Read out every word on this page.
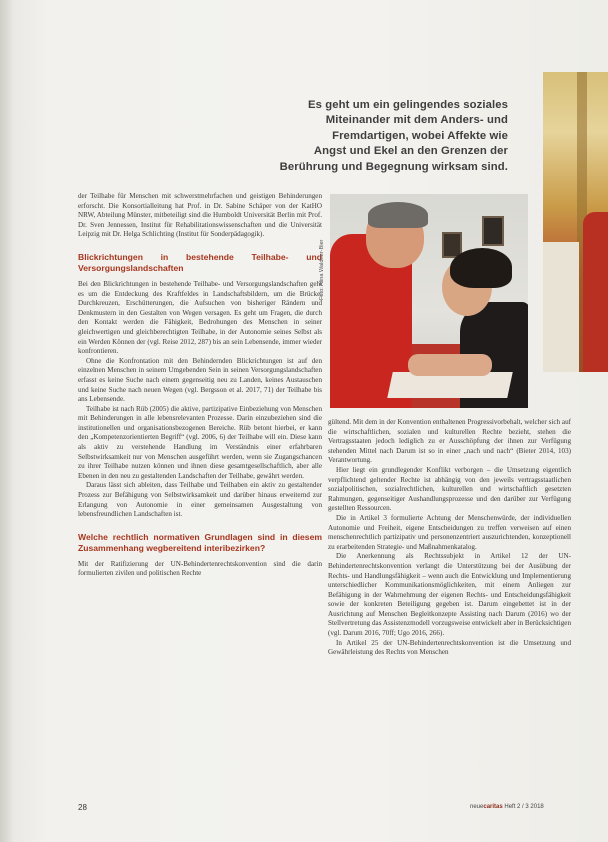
Es geht um ein gelingendes soziales
Miteinander mit dem Anders- und
Fremdartigen, wobei Affekte wie
Angst und Ekel an den Grenzen der
Berührung und Begegnung wirksam sind.

der Teilhabe für Menschen mit schwerstmehrfachen und geistigen Behinderungen erforscht. Die Konsortialleitung hat Prof. in Dr. Sabine Schäper von der KatHO NRW, Abteilung Münster, mitbeteiligt sind die Humboldt Universität Berlin mit Prof. Dr. Sven Jennessen, Institut für Rehabilitationswissenschaften und die Universität Leipzig mit Dr. Helga Schlichting (Institut für Sonderpädagogik).

Blickrichtungen in bestehende Teilhabe- und Versorgungslandschaften

Bei den Blickrichtungen in bestehende Teilhabe- und Versorgungslandschaften geht es um die Entdeckung des Kraftfeldes in Landschaftsbildern, um die Brücke, Durchkreuzen, Erschütterungen, die Aufsuchen von bisheriger Rändern und Denkmustern in den Gestalten von Wegen versagen. Es geht um Fragen, die durch den Kontakt werden die Fähigkeit, Bedrohungen des Menschen in seiner gleichwertigen und gleichberechtigten Teilhabe, in der Autonomie seines Selbst als ein Werden Können der (vgl. Reise 2012, 287) bis an sein Lebensende, immer wieder konfrontieren.

Ohne die Konfrontation mit den Behindernden Blickrichtungen ist auf den einzelnen Menschen in seinem Umgebenden Sein in seinen Versorgungslandschaften erfasst es keine Suche nach einem gegenseitig neu zu Landen, keines Austauschen und keine Suche nach neuen Wegen (vgl. Bergsson et al. 2017, 71) der Teilhabe bis ans Lebensende.

Teilhabe ist nach Rüb (2005) die aktive, partizipative Einbeziehung von Menschen mit Behinderungen in alle lebensrelevanten Prozesse. Darin einzubeziehen sind die institutionellen und organisationsbezogenen Bereiche. Rüb betont hierbei, er kann den „Kompetenzorientierten Begriff“ (vgl. 2006, 6) der Teilhabe will ein. Diese kann als aktiv zu verstehende Handlung im Verständnis einer erfahrbaren Selbstwirksamkeit nur von Menschen ausgeführt werden, wenn sie Zugangschancen zu ihrer Teilhabe nutzen können und ihnen diese gesamtgesellschaftlich, aber alle Ebenen in den neu zu gestaltenden Landschaften der Teilhabe, gewährt werden.

Daraus lässt sich ableiten, dass Teilhabe und Teilhaben ein aktiv zu gestaltender Prozess zur Befähigung von Selbstwirksamkeit und darüber hinaus erweiternd zur Erlangung von Autonomie in einer gemeinsamen Ausgestaltung von lebensfreundlichen Landschaften ist.

Welche rechtlich normativen Grundlagen sind in diesem Zusammenhang wegbereitend interibezirken?

Mit der Ratifizierung der UN-Behindertenrechtskonvention sind die darin formulierten zivilen und politischen Rechte

Foto: Alina Waldner-Bier

gültend. Mit dem in der Konvention enthaltenen Progressivorbehalt, welcher sich auf die wirtschaftlichen, sozialen und kulturellen Rechte bezieht, stehen die Vertragsstaaten jedoch lediglich zu er Ausschöpfung der ihnen zur Verfügung stehenden Mittel nach Darum ist so in einer „nach und nach“ (Bieter 2014, 103) Verantwortung.

Hier liegt ein grundlegender Konflikt verborgen – die Umsetzung eigentlich verpflichtend geltender Rechte ist abhängig von den jeweils vertragsstaatlichen sozialpolitischen, sozialrechtlichen, kulturellen und wirtschaftlich gesetzten Rahmungen, gegenseitiger Aushandlungsprozesse und den darüber zur Verfügung gestellten Ressourcen.

Die in Artikel 3 formulierte Achtung der Menschenwürde, der individuellen Autonomie und Freiheit, eigene Entscheidungen zu treffen verweisen auf einen menschenrechtlich partizipativ und personenzentriert auszurichtenden, konzeptionell zu erarbeitenden Strategie- und Maßnahmenkatalog.

Die Anerkennung als Rechtssubjekt in Artikel 12 der UN-Behindertenrechtskonvention verlangt die Unterstützung bei der Ausübung der Rechts- und Handlungsfähigkeit – wenn auch die Entwicklung und Implementierung unterschiedlicher Kommunikationsmöglichkeiten, mit einem Anliegen zur Befähigung in der Wahrnehmung der eigenen Rechts- und Entscheidungsfähigkeit sowie der konkreten Beteiligung gegeben ist. Darum eingebettet ist in der Ausrichtung auf Menschen Begleitkonzepte Assisting nach Darum (2016) wo der Stellvertretung das Assistenzmodell vorzugsweise entwickelt aber in Berücksichtigen (vgl. Darum 2016, 70ff; Ugo 2016, 266).

In Artikel 25 der UN-Behindertenrechtskonvention ist die Umsetzung und Gewährleistung des Rechts von Menschen

28	neuecaritas Heft 2 / 3 2018
